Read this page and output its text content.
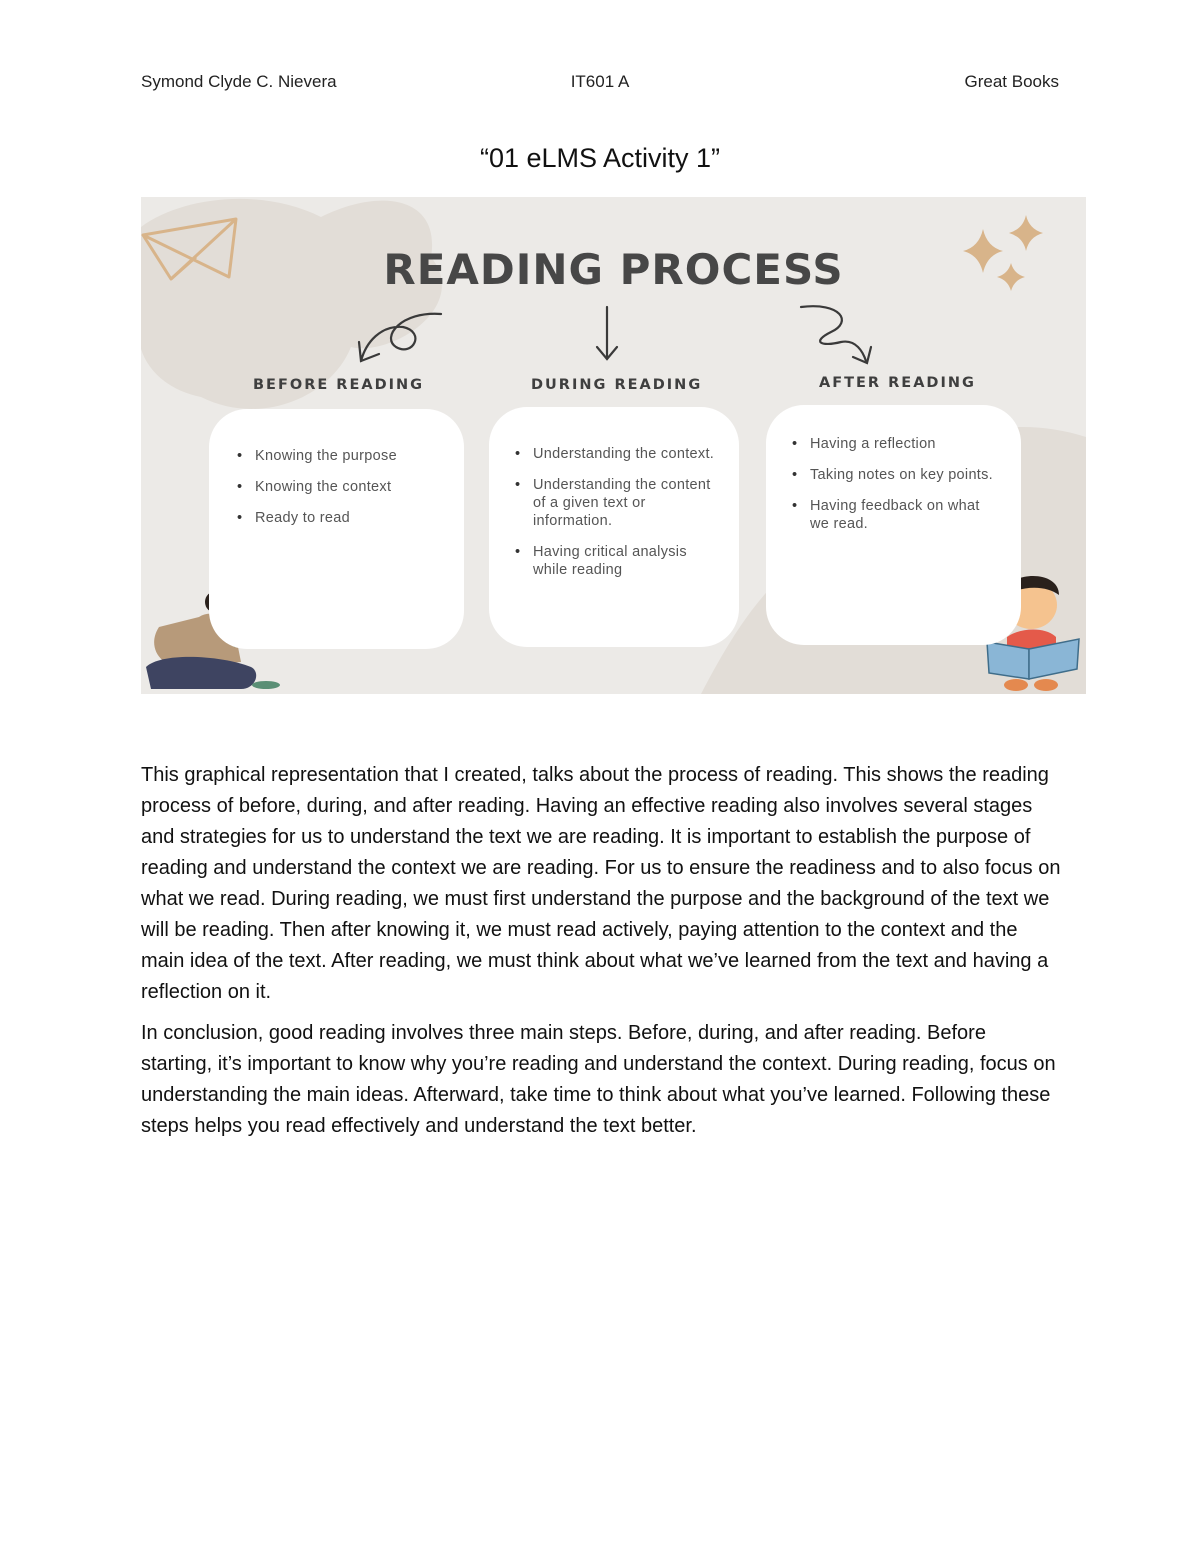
Symond Clyde C. Nievera	IT601 A	Great Books
“01 eLMS Activity 1”
READING PROCESS
BEFORE READING	DURING READING	AFTER READING
• Knowing the purpose
• Knowing the context
• Ready to read
• Understanding the context.
• Understanding the content of a given text or information.
• Having critical analysis while reading
• Having a reflection
• Taking notes on key points.
• Having feedback on what we read.

This graphical representation that I created, talks about the process of reading. This shows the reading process of before, during, and after reading. Having an effective reading also involves several stages and strategies for us to understand the text we are reading. It is important to establish the purpose of reading and understand the context we are reading. For us to ensure the readiness and to also focus on what we read. During reading, we must first understand the purpose and the background of the text we will be reading. Then after knowing it, we must read actively, paying attention to the context and the main idea of the text. After reading, we must think about what we’ve learned from the text and having a reflection on it.

In conclusion, good reading involves three main steps. Before, during, and after reading. Before starting, it’s important to know why you’re reading and understand the context. During reading, focus on understanding the main ideas. Afterward, take time to think about what you’ve learned. Following these steps helps you read effectively and understand the text better.
